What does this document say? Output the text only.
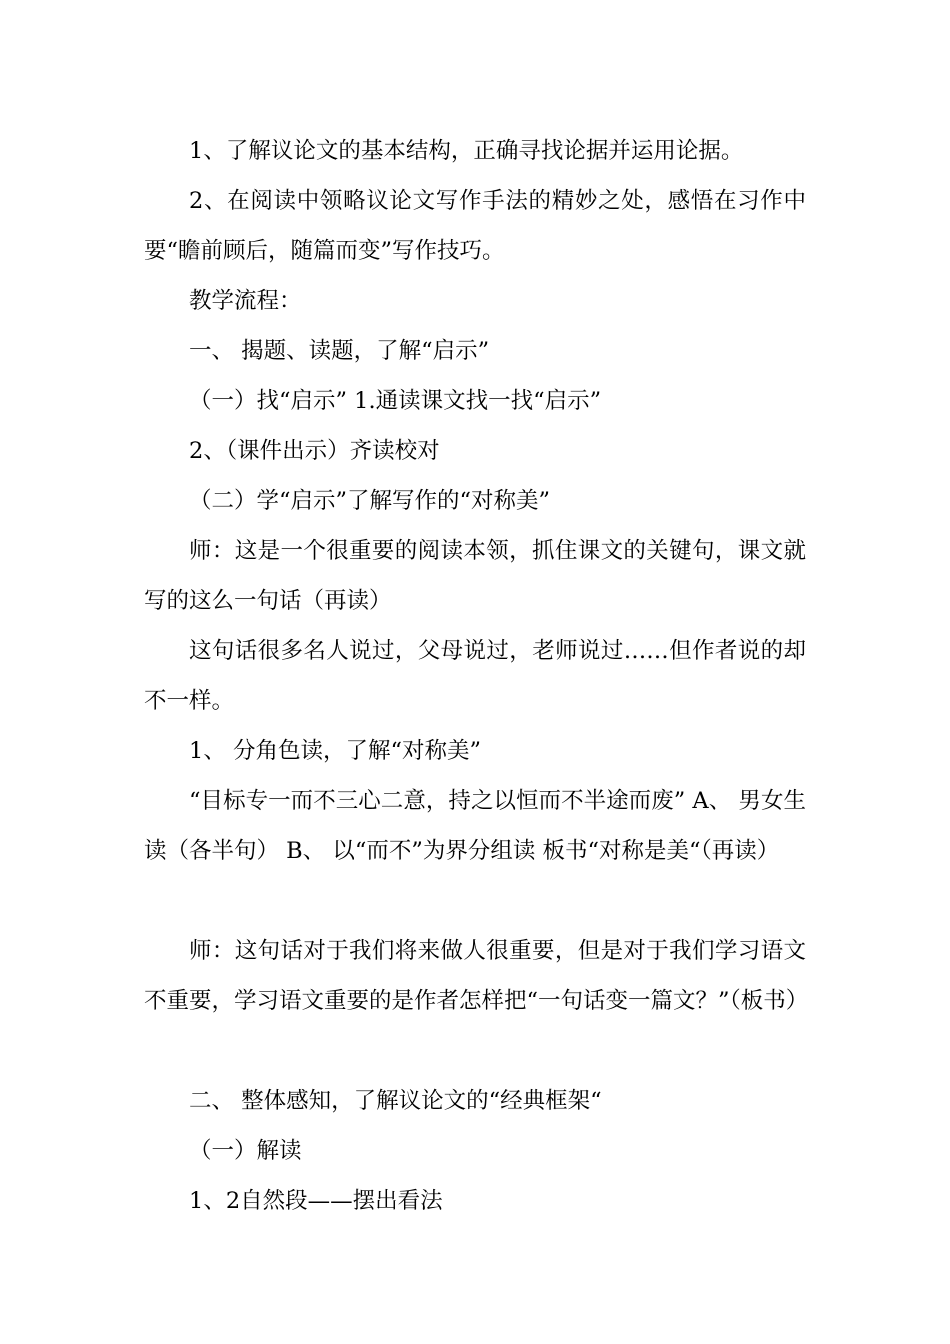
1、了解议论文的基本结构，正确寻找论据并运用论据。

2、在阅读中领略议论文写作手法的精妙之处，感悟在习作中要“瞻前顾后，随篇而变”写作技巧。

教学流程：

一、 揭题、读题，了解“启示”

（一）找“启示” 1.通读课文找一找“启示”

2、（课件出示）齐读校对

（二）学“启示”了解写作的“对称美”

师：这是一个很重要的阅读本领，抓住课文的关键句，课文就写的这么一句话（再读）

这句话很多名人说过，父母说过，老师说过……但作者说的却不一样。

1、 分角色读，了解“对称美”

“目标专一而不三心二意，持之以恒而不半途而废” A、 男女生读（各半句） B、 以“而不”为界分组读 板书“对称是美“（再读）

师：这句话对于我们将来做人很重要，但是对于我们学习语文不重要，学习语文重要的是作者怎样把“一句话变一篇文？”（板书）

二、 整体感知，了解议论文的“经典框架“

（一）解读

1、2自然段——摆出看法
